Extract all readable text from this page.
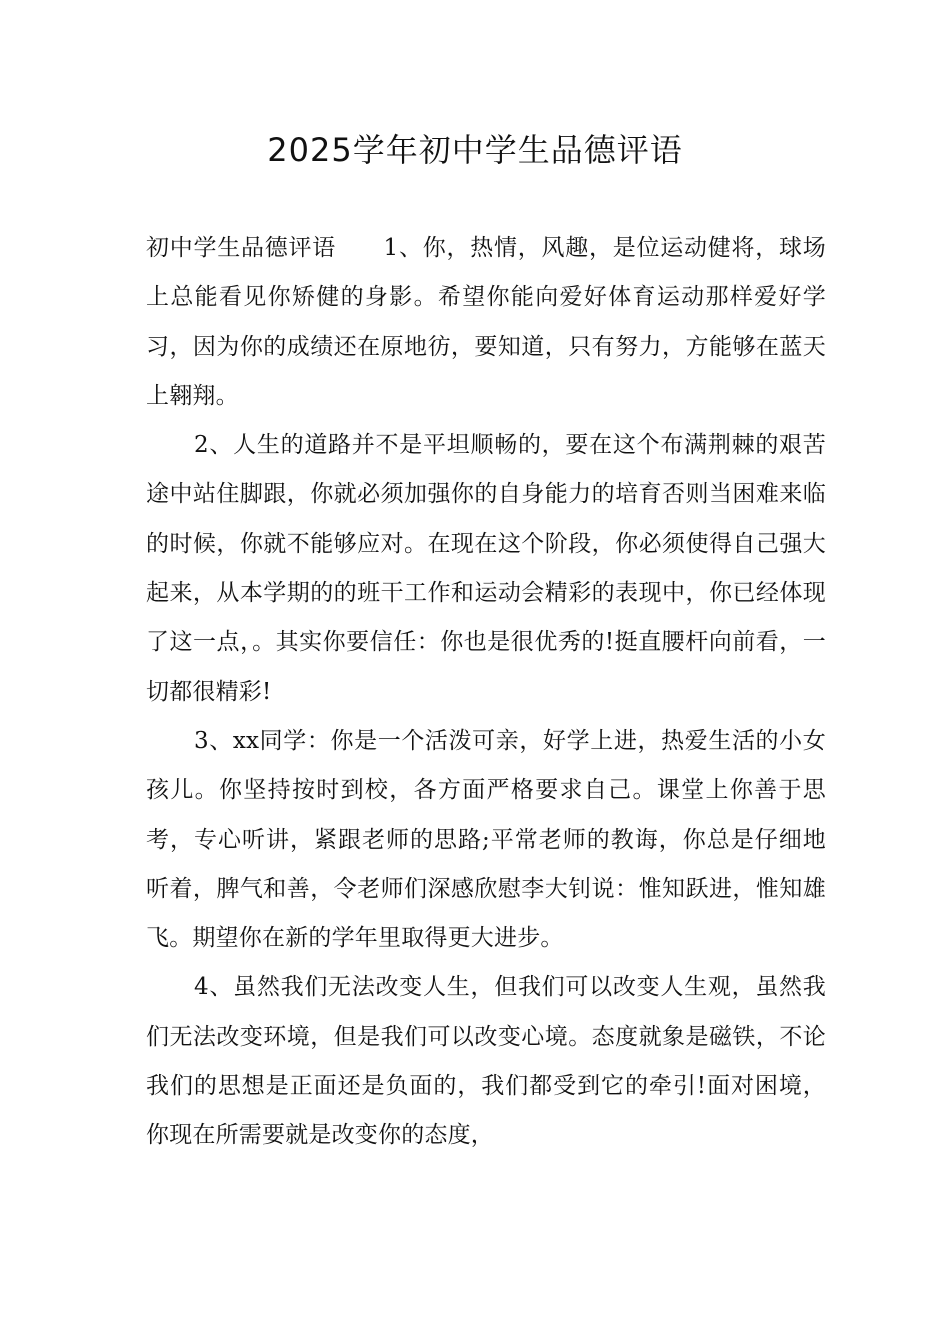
2025学年初中学生品德评语

初中学生品德评语　　1、你，热情，风趣，是位运动健将，球场上总能看见你矫健的身影。希望你能向爱好体育运动那样爱好学习，因为你的成绩还在原地彷，要知道，只有努力，方能够在蓝天上翱翔。

2、人生的道路并不是平坦顺畅的，要在这个布满荆棘的艰苦途中站住脚跟，你就必须加强你的自身能力的培育否则当困难来临的时候，你就不能够应对。在现在这个阶段，你必须使得自己强大起来，从本学期的的班干工作和运动会精彩的表现中，你已经体现了这一点，。其实你要信任：你也是很优秀的!挺直腰杆向前看，一切都很精彩!

3、xx同学：你是一个活泼可亲，好学上进，热爱生活的小女孩儿。你坚持按时到校，各方面严格要求自己。课堂上你善于思考，专心听讲，紧跟老师的思路;平常老师的教诲，你总是仔细地听着，脾气和善，令老师们深感欣慰李大钊说：惟知跃进，惟知雄飞。期望你在新的学年里取得更大进步。

4、虽然我们无法改变人生，但我们可以改变人生观，虽然我们无法改变环境，但是我们可以改变心境。态度就象是磁铁，不论我们的思想是正面还是负面的，我们都受到它的牵引!面对困境，你现在所需要就是改变你的态度，
